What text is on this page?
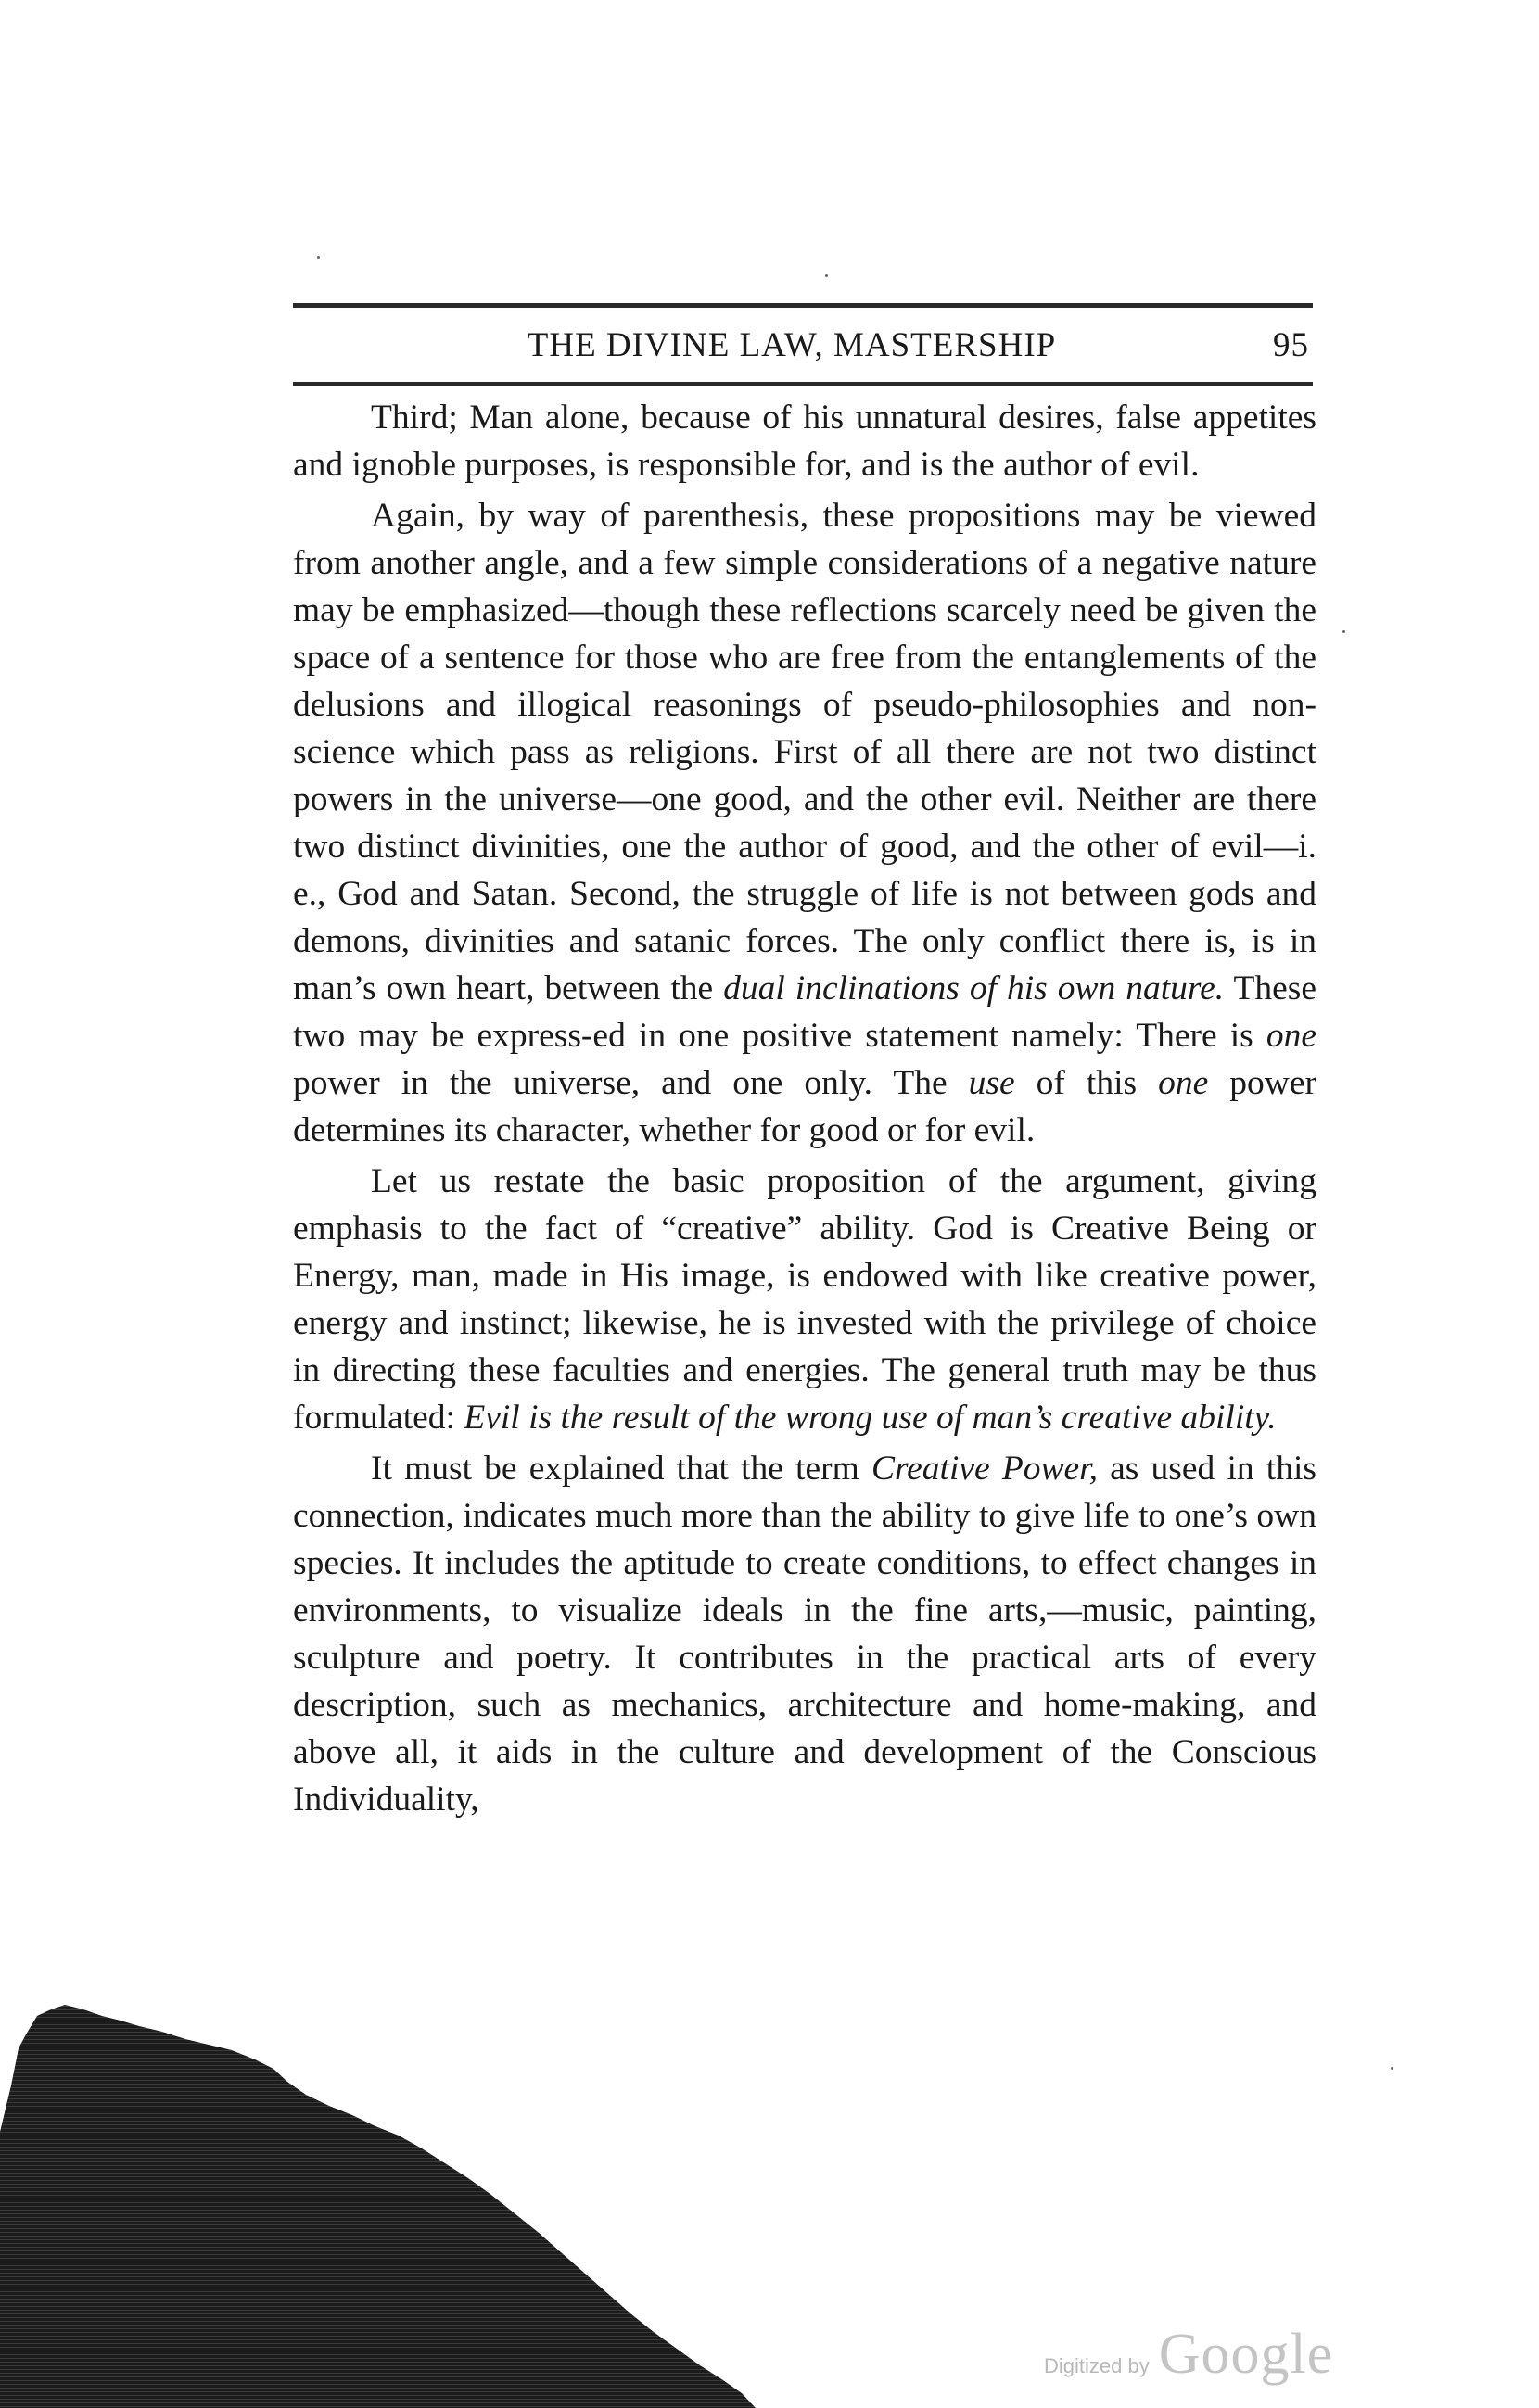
THE DIVINE LAW, MASTERSHIP	95

Third; Man alone, because of his unnatural desires, false appetites and ignoble purposes, is responsible for, and is the author of evil.

Again, by way of parenthesis, these propositions may be viewed from another angle, and a few simple considerations of a negative nature may be emphasized—though these reflections scarcely need be given the space of a sentence for those who are free from the entanglements of the delusions and illogical reasonings of pseudo-philosophies and non-science which pass as religions. First of all there are not two distinct powers in the universe—one good, and the other evil. Neither are there two distinct divinities, one the author of good, and the other of evil—i. e., God and Satan. Second, the struggle of life is not between gods and demons, divinities and satanic forces. The only conflict there is, is in man’s own heart, between the dual inclinations of his own nature. These two may be express-ed in one positive statement namely: There is one power in the universe, and one only. The use of this one power determines its character, whether for good or for evil.

Let us restate the basic proposition of the argument, giving emphasis to the fact of “creative” ability. God is Creative Being or Energy, man, made in His image, is endowed with like creative power, energy and instinct; likewise, he is invested with the privilege of choice in directing these faculties and energies. The general truth may be thus formulated: Evil is the result of the wrong use of man’s creative ability.

It must be explained that the term Creative Power, as used in this connection, indicates much more than the ability to give life to one’s own species. It includes the aptitude to create conditions, to effect changes in environments, to visualize ideals in the fine arts,—music, painting, sculpture and poetry. It contributes in the practical arts of every description, such as mechanics, architecture and home-making, and above all, it aids in the culture and development of the Conscious Individuality,

Digitized by Google
